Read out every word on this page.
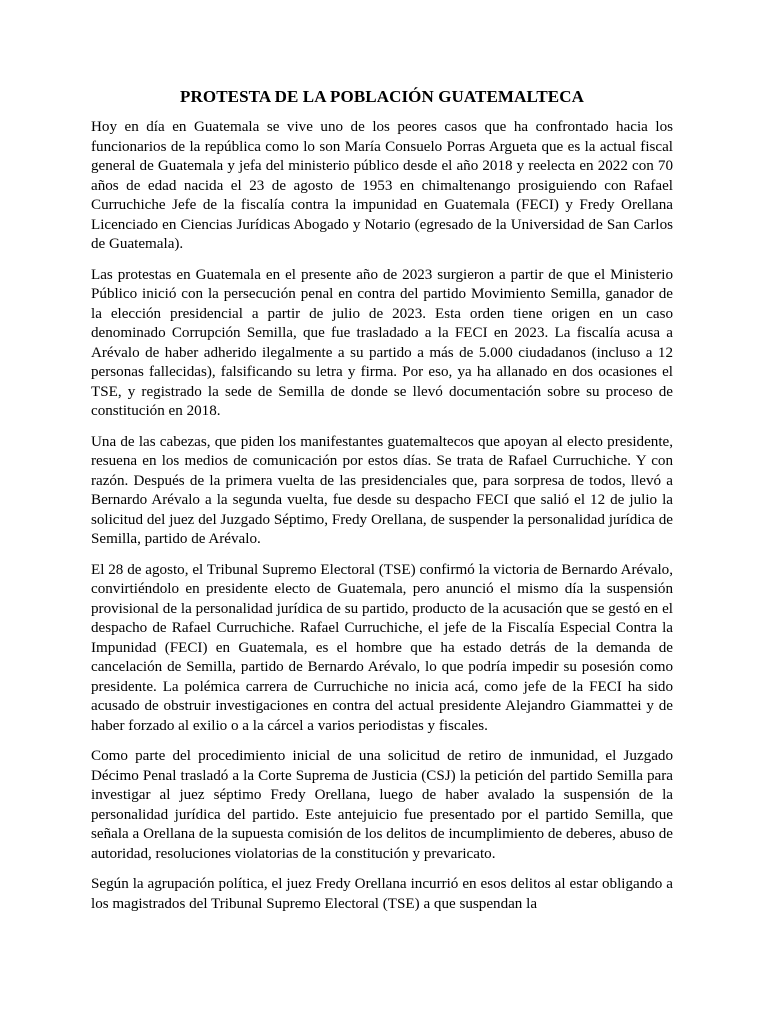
PROTESTA DE LA POBLACIÓN GUATEMALTECA

Hoy en día en Guatemala se vive uno de los peores casos que ha confrontado hacia los funcionarios de la república como lo son María Consuelo Porras Argueta que es la actual fiscal general de Guatemala y jefa del ministerio público desde el año 2018 y reelecta en 2022 con 70 años de edad nacida el 23 de agosto de 1953 en chimaltenango prosiguiendo con Rafael Curruchiche Jefe de la fiscalía contra la impunidad en Guatemala (FECI) y Fredy Orellana Licenciado en Ciencias Jurídicas Abogado y Notario (egresado de la Universidad de San Carlos de Guatemala).

Las protestas en Guatemala en el presente año de 2023 surgieron a partir de que el Ministerio Público inició con la persecución penal en contra del partido Movimiento Semilla, ganador de la elección presidencial a partir de julio de 2023. Esta orden tiene origen en un caso denominado Corrupción Semilla, que fue trasladado a la FECI en 2023. La fiscalía acusa a Arévalo de haber adherido ilegalmente a su partido a más de 5.000 ciudadanos (incluso a 12 personas fallecidas), falsificando su letra y firma. Por eso, ya ha allanado en dos ocasiones el TSE, y registrado la sede de Semilla de donde se llevó documentación sobre su proceso de constitución en 2018.

Una de las cabezas, que piden los manifestantes guatemaltecos que apoyan al electo presidente, resuena en los medios de comunicación por estos días. Se trata de Rafael Curruchiche. Y con razón. Después de la primera vuelta de las presidenciales que, para sorpresa de todos, llevó a Bernardo Arévalo a la segunda vuelta, fue desde su despacho FECI que salió el 12 de julio la solicitud del juez del Juzgado Séptimo, Fredy Orellana, de suspender la personalidad jurídica de Semilla, partido de Arévalo.

El 28 de agosto, el Tribunal Supremo Electoral (TSE) confirmó la victoria de Bernardo Arévalo, convirtiéndolo en presidente electo de Guatemala, pero anunció el mismo día la suspensión provisional de la personalidad jurídica de su partido, producto de la acusación que se gestó en el despacho de Rafael Curruchiche. Rafael Curruchiche, el jefe de la Fiscalía Especial Contra la Impunidad (FECI) en Guatemala, es el hombre que ha estado detrás de la demanda de cancelación de Semilla, partido de Bernardo Arévalo, lo que podría impedir su posesión como presidente. La polémica carrera de Curruchiche no inicia acá, como jefe de la FECI ha sido acusado de obstruir investigaciones en contra del actual presidente Alejandro Giammattei y de haber forzado al exilio o a la cárcel a varios periodistas y fiscales.

Como parte del procedimiento inicial de una solicitud de retiro de inmunidad, el Juzgado Décimo Penal trasladó a la Corte Suprema de Justicia (CSJ) la petición del partido Semilla para investigar al juez séptimo Fredy Orellana, luego de haber avalado la suspensión de la personalidad jurídica del partido. Este antejuicio fue presentado por el partido Semilla, que señala a Orellana de la supuesta comisión de los delitos de incumplimiento de deberes, abuso de autoridad, resoluciones violatorias de la constitución y prevaricato.

Según la agrupación política, el juez Fredy Orellana incurrió en esos delitos al estar obligando a los magistrados del Tribunal Supremo Electoral (TSE) a que suspendan la
